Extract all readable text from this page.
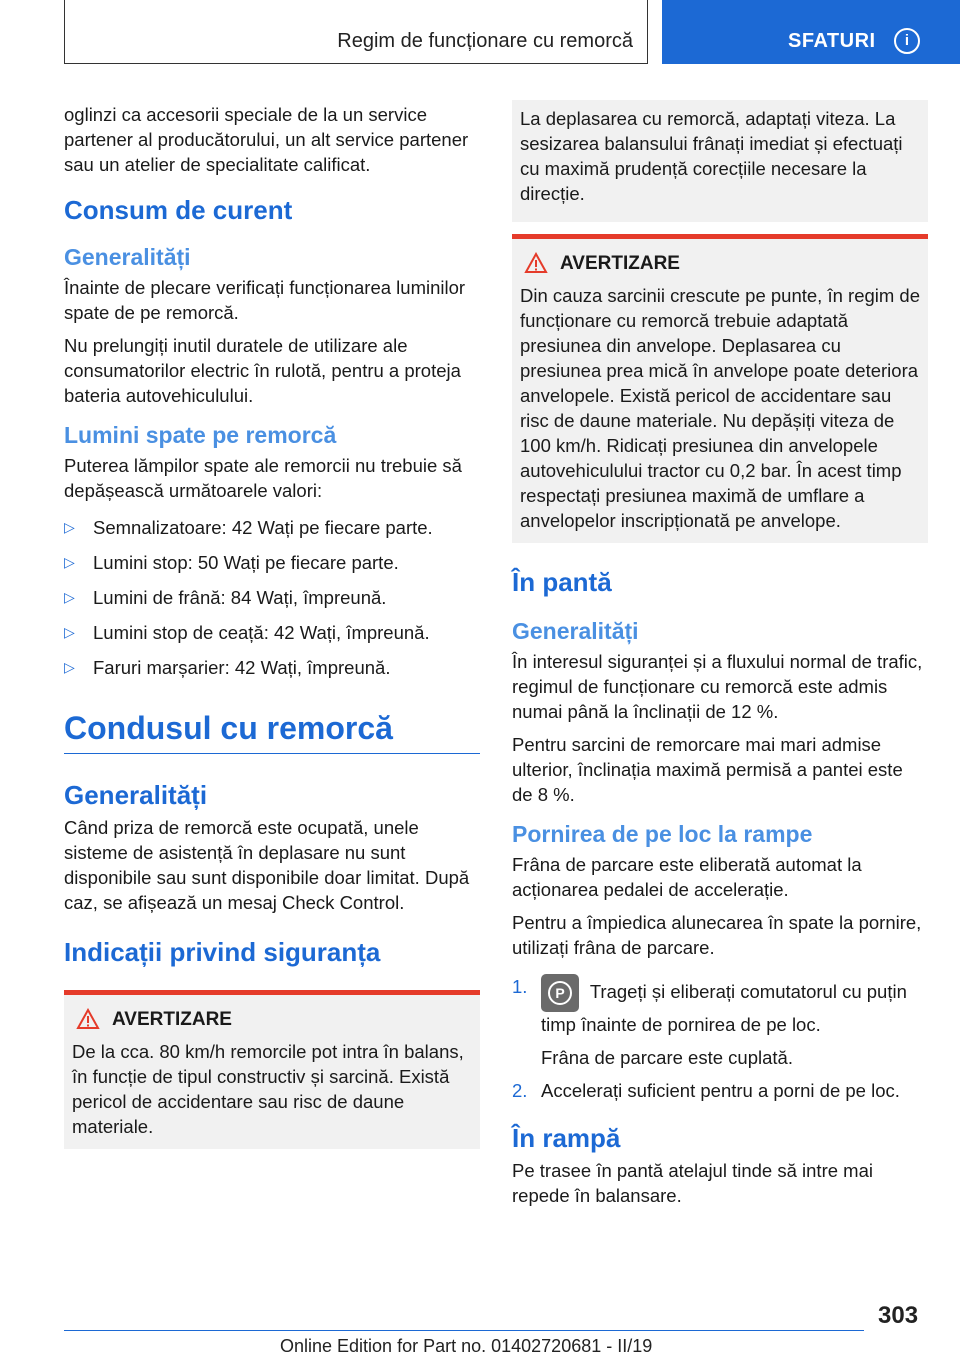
Regim de funcționare cu remorcă	SFATURI	i

oglinzi ca accesorii speciale de la un service partener al producătorului, un alt service partener sau un atelier de specialitate calificat.

Consum de curent
Generalități

Înainte de plecare verificați funcționarea luminilor spate de pe remorcă.

Nu prelungiți inutil duratele de utilizare ale consumatorilor electric în rulotă, pentru a proteja bateria autovehiculului.

Lumini spate pe remorcă

Puterea lămpilor spate ale remorcii nu trebuie să depășească următoarele valori:

▷ Semnalizatoare: 42 Wați pe fiecare parte.
▷ Lumini stop: 50 Wați pe fiecare parte.
▷ Lumini de frână: 84 Wați, împreună.
▷ Lumini stop de ceață: 42 Wați, împreună.
▷ Faruri marșarier: 42 Wați, împreună.
Condusul cu remorcă
Generalități

Când priza de remorcă este ocupată, unele sisteme de asistență în deplasare nu sunt disponibile sau sunt disponibile doar limitat. După caz, se afișează un mesaj Check Control.

Indicații privind siguranța
AVERTIZARE

De la cca. 80 km/h remorcile pot intra în balans, în funcție de tipul constructiv și sarcină. Există pericol de accidentare sau risc de daune materiale.

La deplasarea cu remorcă, adaptați viteza. La sesizarea balansului frânați imediat și efectuați cu maximă prudență corecțiile necesare la direcție.

AVERTIZARE

Din cauza sarcinii crescute pe punte, în regim de funcționare cu remorcă trebuie adaptată presiunea din anvelope. Deplasarea cu presiunea prea mică în anvelope poate deteriora anvelopele. Există pericol de accidentare sau risc de daune materiale. Nu depășiți viteza de 100 km/h. Ridicați presiunea din anvelopele autovehiculului tractor cu 0,2 bar. În acest timp respectați presiunea maximă de umflare a anvelopelor inscripționată pe anvelope.

În pantă
Generalități

În interesul siguranței și a fluxului normal de trafic, regimul de funcționare cu remorcă este admis numai până la înclinații de 12 %.

Pentru sarcini de remorcare mai mari admise ulterior, înclinația maximă permisă a pantei este de 8 %.

Pornirea de pe loc la rampe

Frâna de parcare este eliberată automat la acționarea pedalei de accelerație.

Pentru a împiedica alunecarea în spate la pornire, utilizați frâna de parcare.

1.	P	Trageți și eliberați comutatorul cu puțin timp înainte de pornirea de pe loc.

Frâna de parcare este cuplată.

2. Accelerați suficient pentru a porni de pe loc.
În rampă

Pe trasee în pantă atelajul tinde să intre mai repede în balansare.

303
Online Edition for Part no. 01402720681 - II/19
